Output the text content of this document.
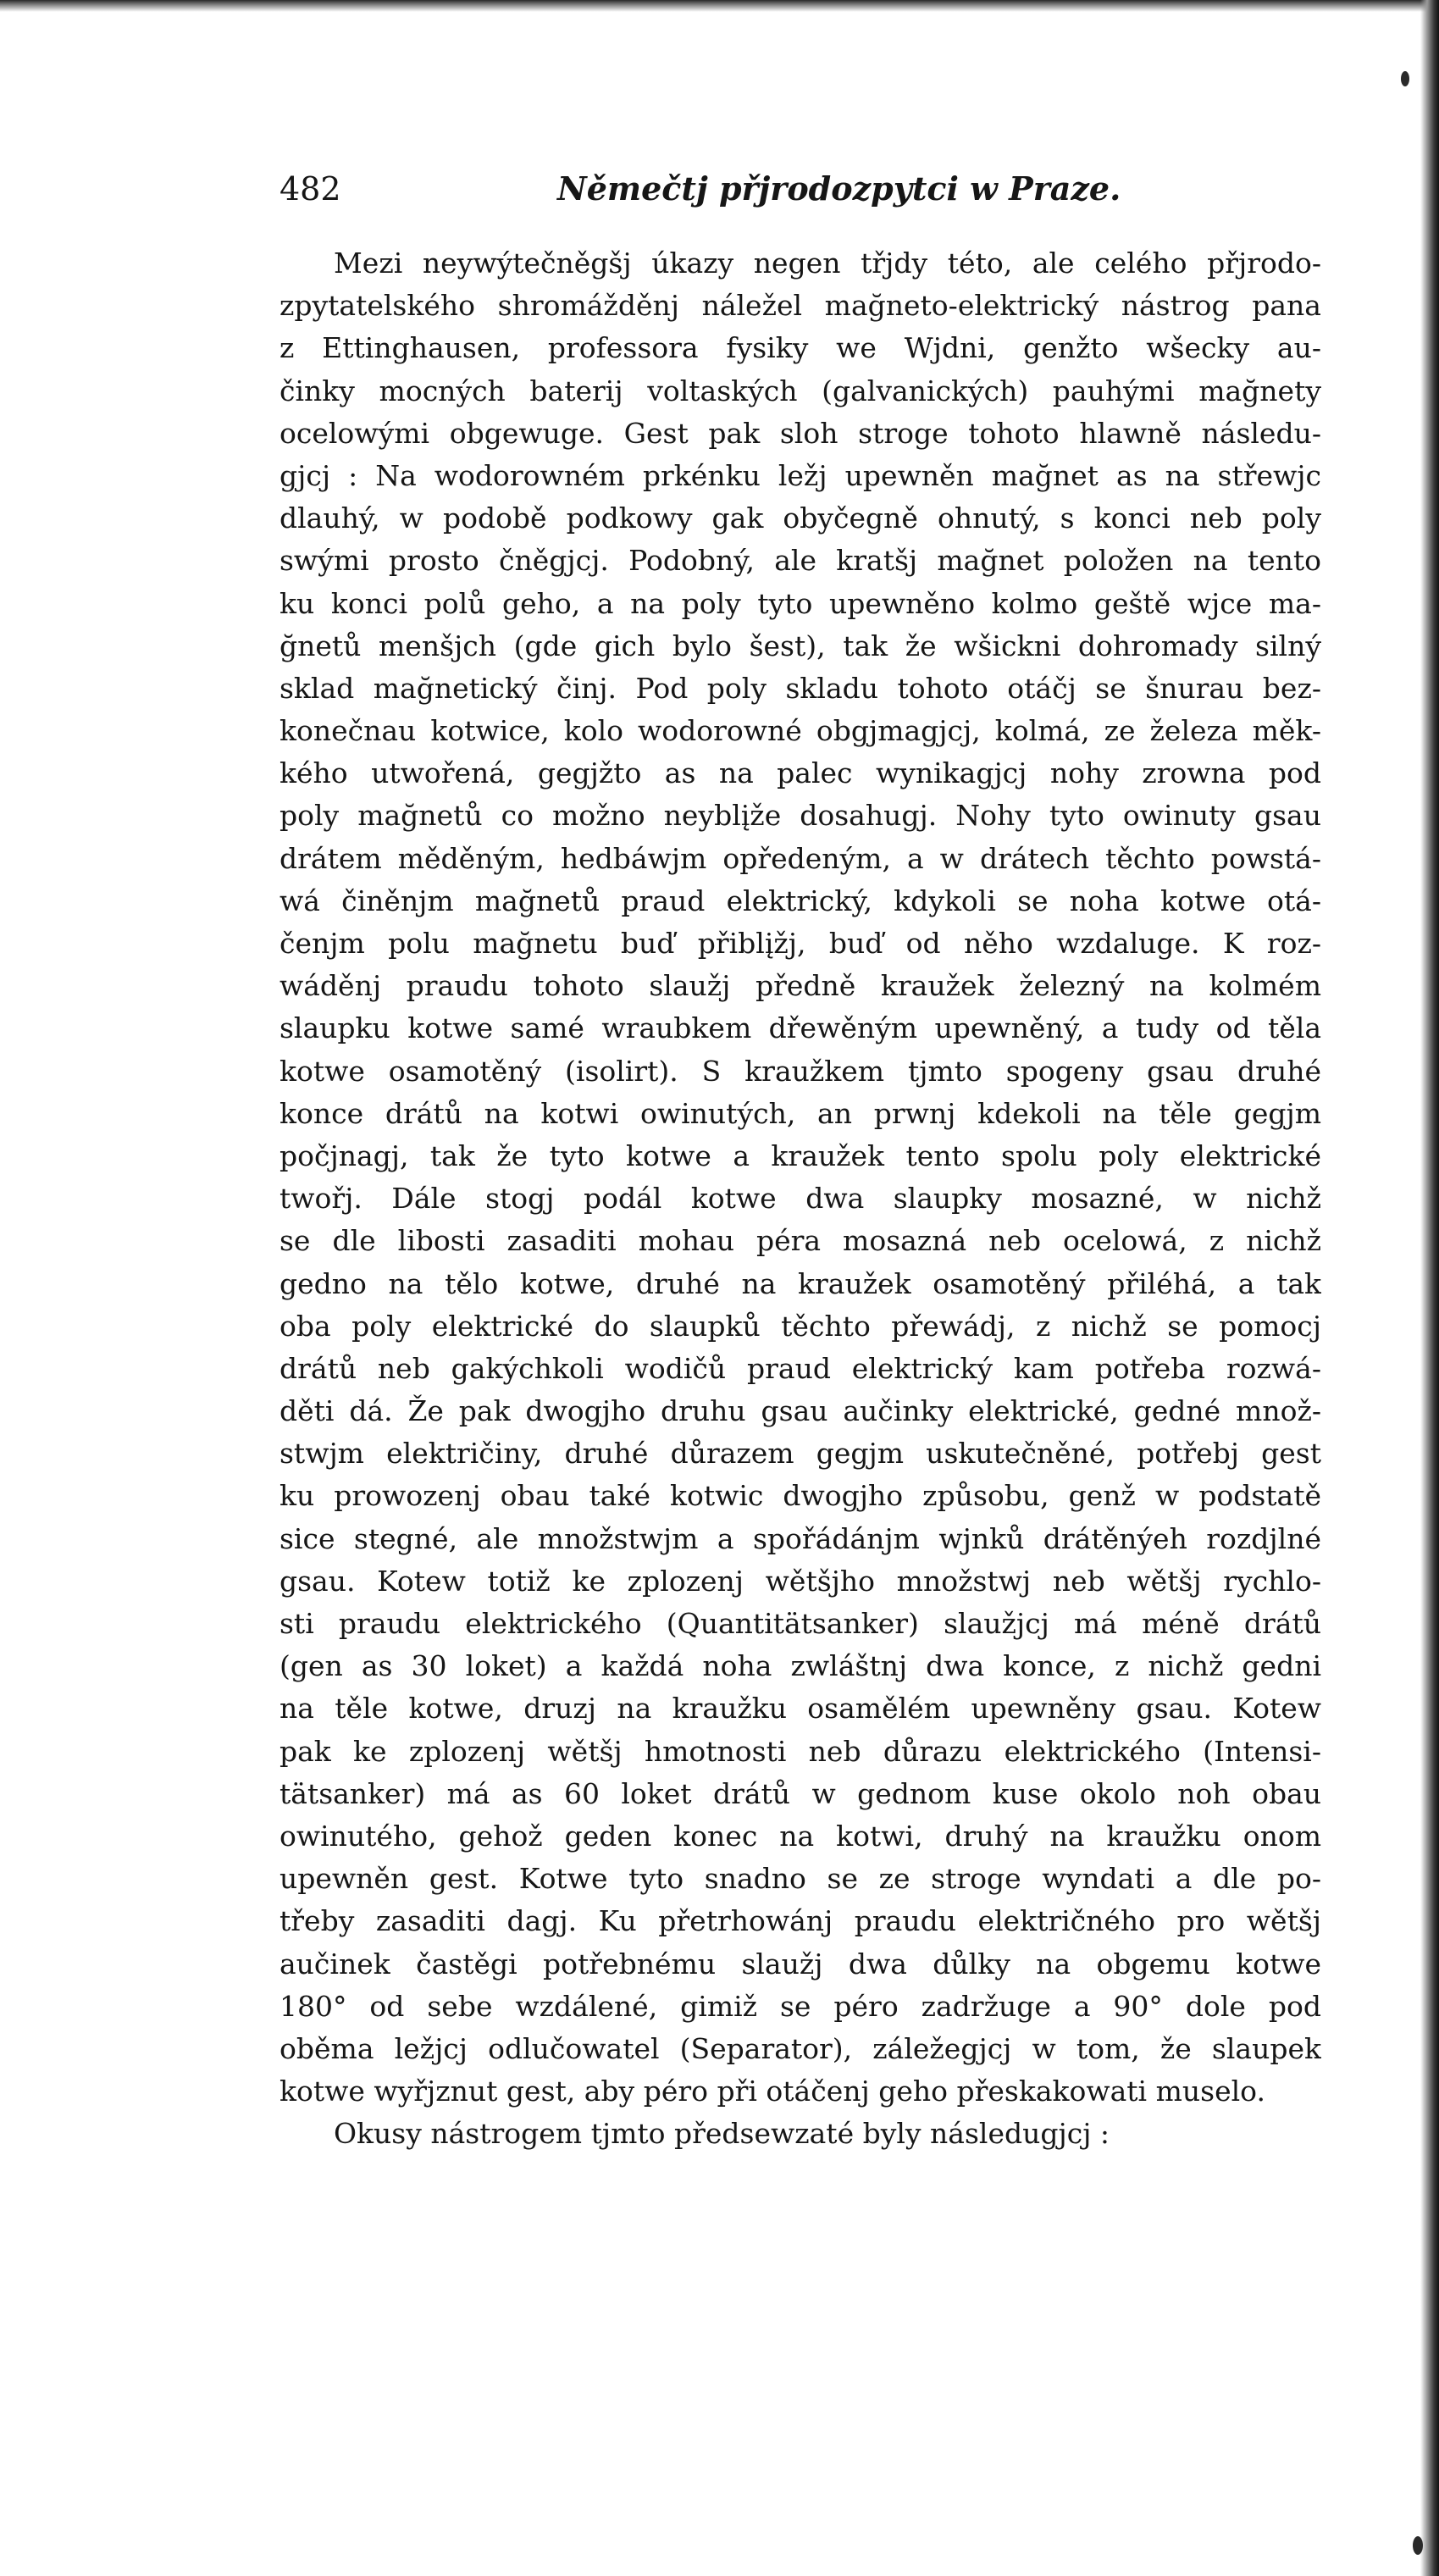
482	Němečtj přjrodozpytci w Praze.
Mezi neywýtečněgšj úkazy negen třjdy této, ale celého přjrodo-
zpytatelského shromážděnj náležel mağneto-elektrický nástrog pana
z Ettinghausen, professora fysiky we Wjdni, genžto wšecky au-
činky mocných baterij voltaských (galvanických) pauhými mağnety
ocelowými obgewuge. Gest pak sloh stroge tohoto hlawně následu-
gjcj : Na wodorowném prkénku ležj upewněn mağnet as na střewjc
dlauhý, w podobě podkowy gak obyčegně ohnutý, s konci neb poly
swými prosto čněgjcj. Podobný, ale kratšj mağnet položen na tento
ku konci polů geho, a na poly tyto upewněno kolmo geště wjce ma-
ğnetů menšjch (gde gich bylo šest), tak že wšickni dohromady silný
sklad mağnetický činj. Pod poly skladu tohoto otáčj se šnurau bez-
konečnau kotwice, kolo wodorowné obgjmagjcj, kolmá, ze železa měk-
kého utwořená, gegjžto as na palec wynikagjcj nohy zrowna pod
poly mağnetů co možno neyblįže dosahugj. Nohy tyto owinuty gsau
drátem měděným, hedbáwjm opředeným, a w drátech těchto powstá-
wá činěnjm mağnetů praud elektrický, kdykoli se noha kotwe otá-
čenjm polu mağnetu buď přiblįžj, buď od něho wzdaluge. K roz-
wáděnj praudu tohoto slaužj předně kraužek železný na kolmém
slaupku kotwe samé wraubkem dřewěným upewněný, a tudy od těla
kotwe osamotěný (isolirt). S kraužkem tjmto spogeny gsau druhé
konce drátů na kotwi owinutých, an prwnj kdekoli na těle gegjm
počjnagj, tak že tyto kotwe a kraužek tento spolu poly elektrické
twořj. Dále stogj podál kotwe dwa slaupky mosazné, w nichž
se dle libosti zasaditi mohau péra mosazná neb ocelowá, z nichž
gedno na tělo kotwe, druhé na kraužek osamotěný přiléhá, a tak
oba poly elektrické do slaupků těchto přewádj, z nichž se pomocj
drátů neb gakýchkoli wodičů praud elektrický kam potřeba rozwá-
děti dá. Že pak dwogjho druhu gsau aučinky elektrické, gedné množ-
stwjm električiny, druhé důrazem gegjm uskutečněné, potřebj gest
ku prowozenj obau také kotwic dwogjho způsobu, genž w podstatě
sice stegné, ale množstwjm a spořádánjm wjnků drátěnýeh rozdjlné
gsau. Kotew totiž ke zplozenj wětšjho množstwj neb wětšj rychlo-
sti praudu elektrického (Quantitätsanker) slaužjcj má méně drátů
(gen as 30 loket) a každá noha zwláštnj dwa konce, z nichž gedni
na těle kotwe, druzj na kraužku osamělém upewněny gsau. Kotew
pak ke zplozenj wětšj hmotnosti neb důrazu elektrického (Intensi-
tätsanker) má as 60 loket drátů w gednom kuse okolo noh obau
owinutého, gehož geden konec na kotwi, druhý na kraužku onom
upewněn gest. Kotwe tyto snadno se ze stroge wyndati a dle po-
třeby zasaditi dagj. Ku přetrhowánj praudu električného pro wětšj
aučinek častěgi potřebnému slaužj dwa důlky na obgemu kotwe
180° od sebe wzdálené, gimiž se péro zadržuge a 90° dole pod
oběma ležjcj odlučowatel (Separator), záležegjcj w tom, že slaupek
kotwe wyřjznut gest, aby péro při otáčenj geho přeskakowati muselo.
Okusy nástrogem tjmto předsewzaté byly následugjcj :
